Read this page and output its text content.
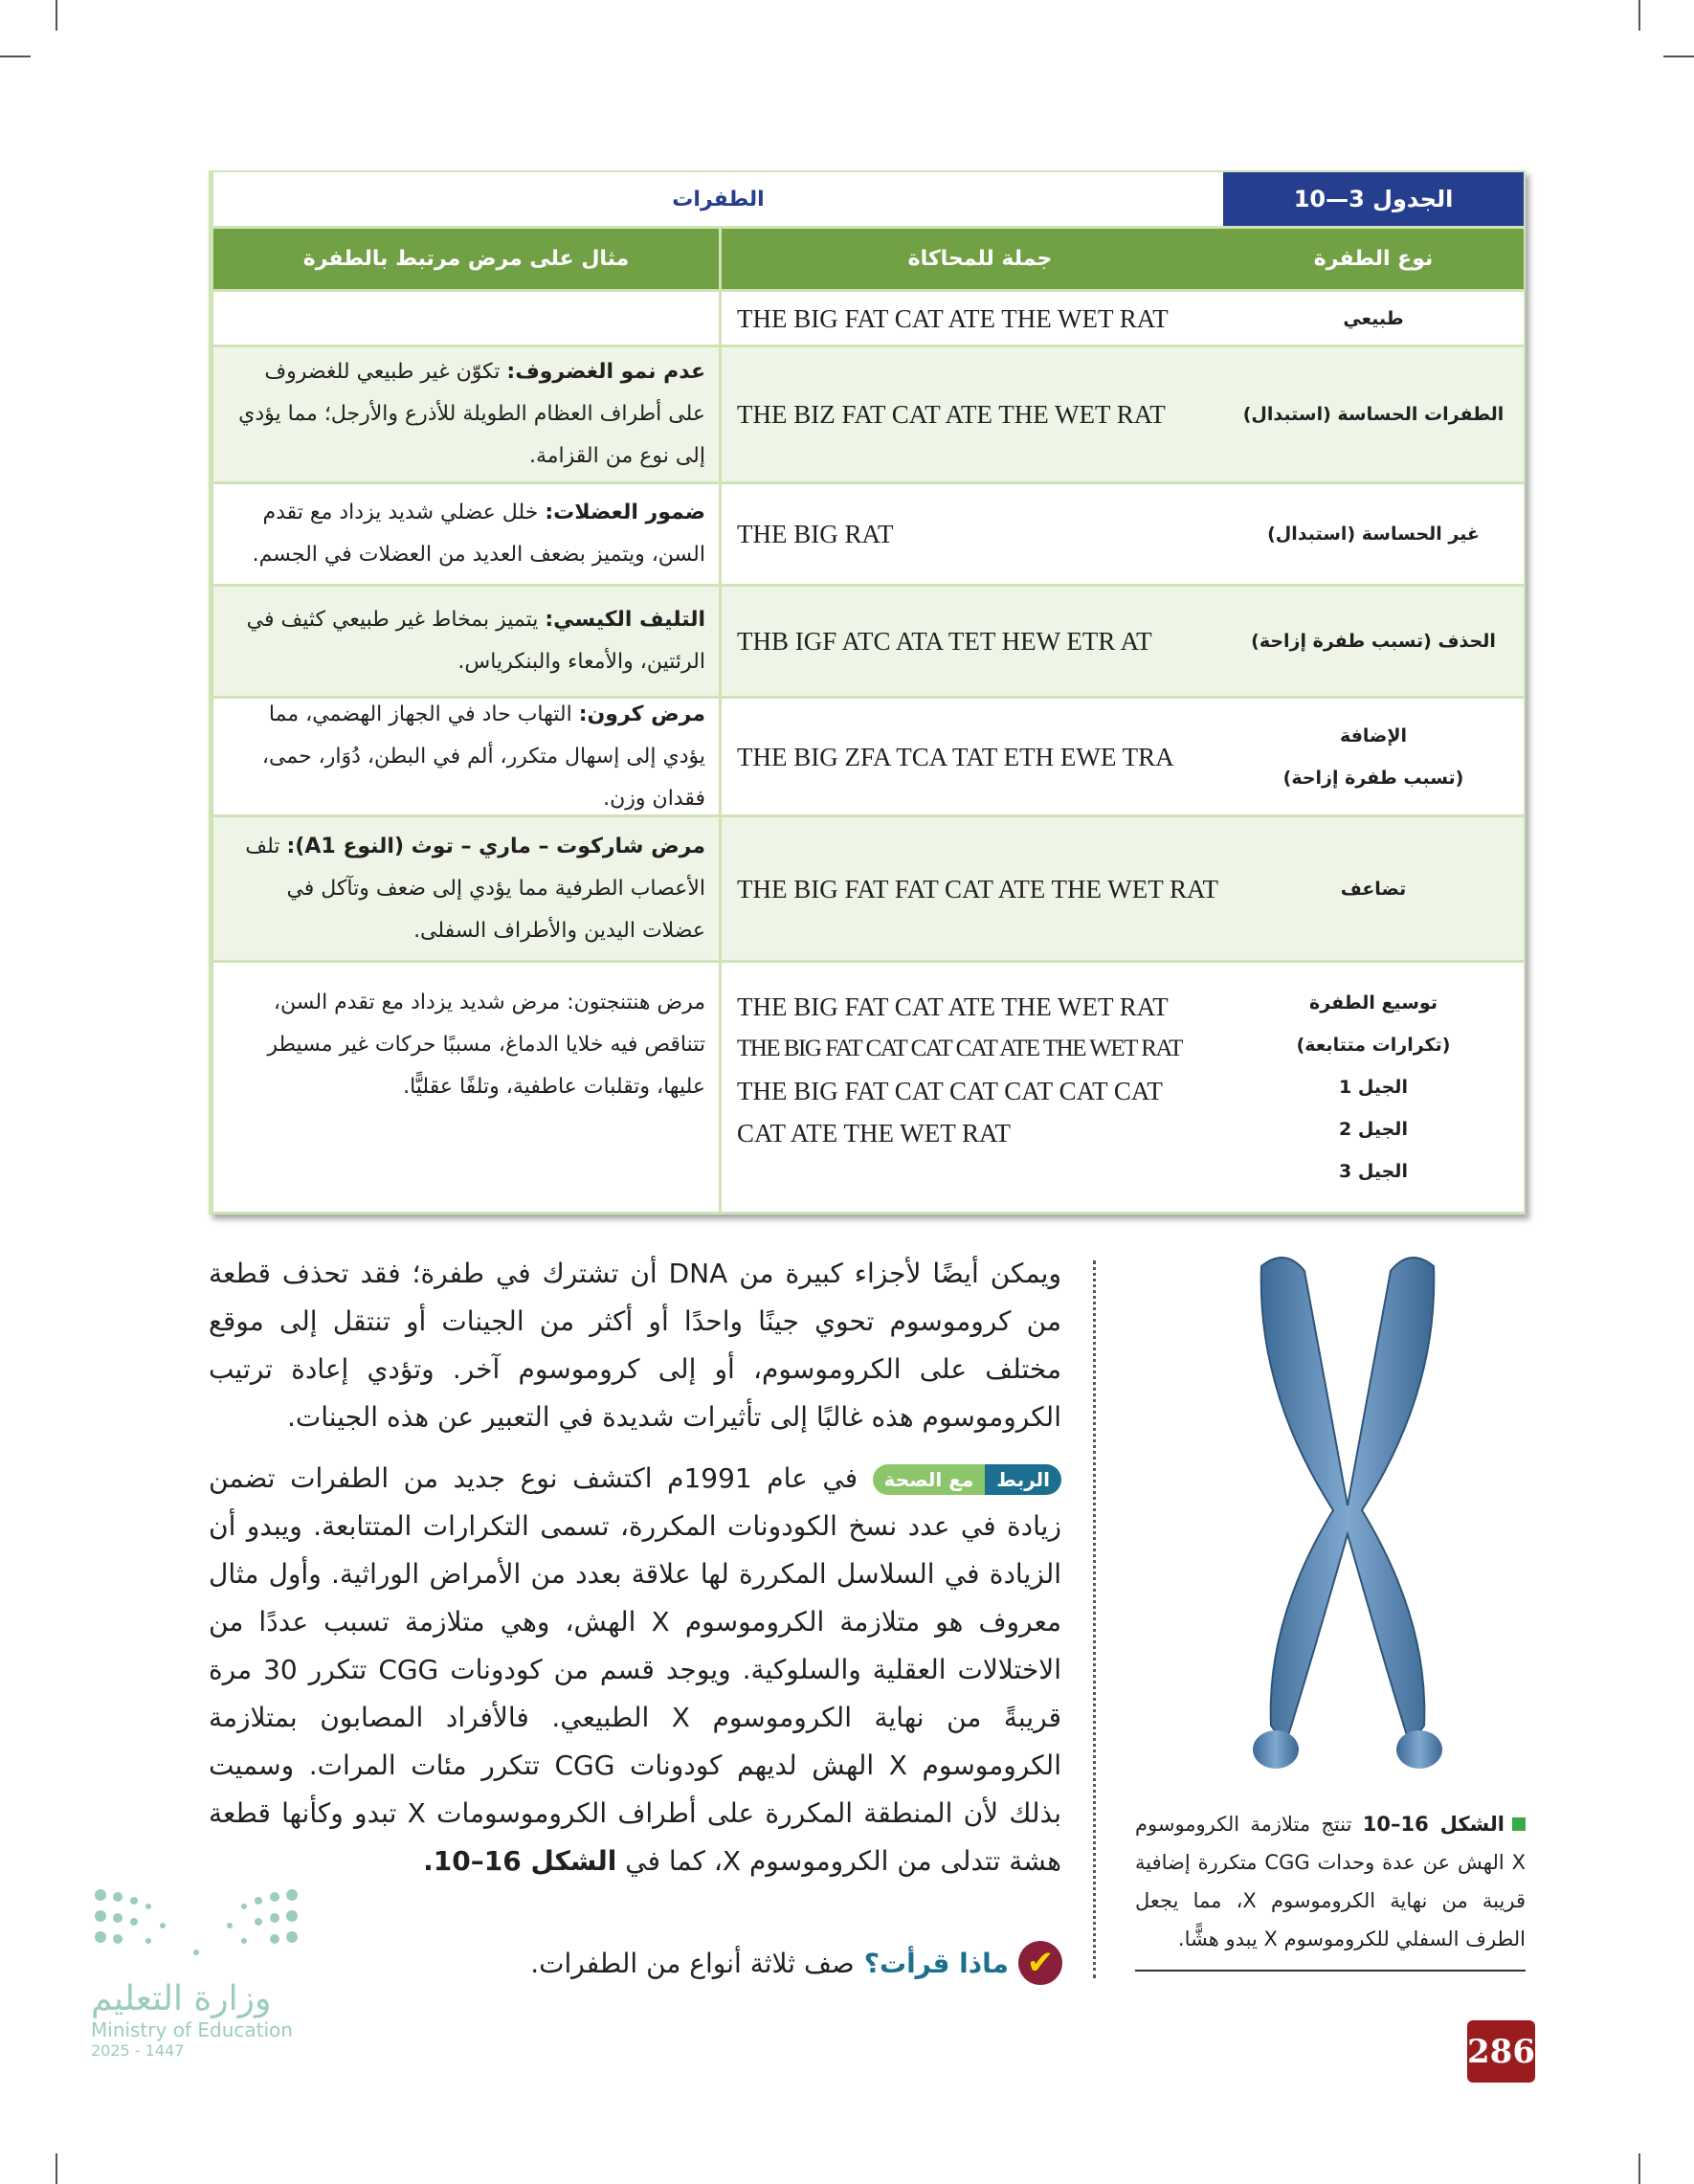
الجدول 3—10
الطفرات
نوع الطفرة
جملة للمحاكاة
مثال على مرض مرتبط بالطفرة
طبيعي
THE BIG FAT CAT ATE THE WET RAT
الطفرات الحساسة (استبدال)
THE BIZ FAT CAT ATE THE WET RAT
عدم نمو الغضروف: تكوّن غير طبيعي للغضروف على أطراف العظام الطويلة للأذرع والأرجل؛ مما يؤدي إلى نوع من القزامة.
غير الحساسة (استبدال)
THE BIG RAT
ضمور العضلات: خلل عضلي شديد يزداد مع تقدم السن، ويتميز بضعف العديد من العضلات في الجسم.
الحذف (تسبب طفرة إزاحة)
THB IGF ATC ATA TET HEW ETR AT
التليف الكيسي: يتميز بمخاط غير طبيعي كثيف في الرئتين، والأمعاء والبنكرياس.
الإضافة
(تسبب طفرة إزاحة)
THE BIG ZFA TCA TAT ETH EWE TRA
مرض كرون: التهاب حاد في الجهاز الهضمي، مما يؤدي إلى إسهال متكرر، ألم في البطن، دُوَار، حمى، فقدان وزن.
تضاعف
THE BIG FAT FAT CAT ATE THE WET RAT
مرض شاركوت – ماري – توث (النوع A1): تلف الأعصاب الطرفية مما يؤدي إلى ضعف وتآكل في عضلات اليدين والأطراف السفلى.
توسيع الطفرة
(تكرارات متتابعة)
الجيل 1
الجيل 2
الجيل 3
THE BIG FAT CAT ATE THE WET RAT
THE BIG FAT CAT CAT CAT ATE THE WET RAT
THE BIG FAT CAT CAT CAT CAT CAT
CAT ATE THE WET RAT
مرض هنتنجتون: مرض شديد يزداد مع تقدم السن، تتناقص فيه خلايا الدماغ، مسببًا حركات غير مسيطر عليها، وتقلبات عاطفية، وتلفًا عقليًّا.

ويمكن أيضًا لأجزاء كبيرة من DNA أن تشترك في طفرة؛ فقد تحذف قطعة من كروموسوم تحوي جينًا واحدًا أو أكثر من الجينات أو تنتقل إلى موقع مختلف على الكروموسوم، أو إلى كروموسوم آخر. وتؤدي إعادة ترتيب الكروموسوم هذه غالبًا إلى تأثيرات شديدة في التعبير عن هذه الجينات.

الربط
مع الصحة
في عام 1991م اكتشف نوع جديد من الطفرات تضمن زيادة في عدد نسخ الكودونات المكررة، تسمى التكرارات المتتابعة. ويبدو أن الزيادة في السلاسل المكررة لها علاقة بعدد من الأمراض الوراثية. وأول مثال معروف هو متلازمة الكروموسوم X الهش، وهي متلازمة تسبب عددًا من الاختلالات العقلية والسلوكية. ويوجد قسم من كودونات CGG تتكرر 30 مرة قريبةً من نهاية الكروموسوم X الطبيعي. فالأفراد المصابون بمتلازمة الكروموسوم X الهش لديهم كودونات CGG تتكرر مئات المرات. وسميت بذلك لأن المنطقة المكررة على أطراف الكروموسومات X تبدو وكأنها قطعة هشة تتدلى من الكروموسوم X، كما في الشكل 16–10.

✔
ماذا قرأت؟
صف ثلاثة أنواع من الطفرات.
الشكل 16–10 تنتج متلازمة الكروموسوم X الهش عن عدة وحدات CGG متكررة إضافية قريبة من نهاية الكروموسوم X، مما يجعل الطرف السفلي للكروموسوم X يبدو هشًّا.
286
وزارة التعليم
Ministry of Education
2025 - 1447
